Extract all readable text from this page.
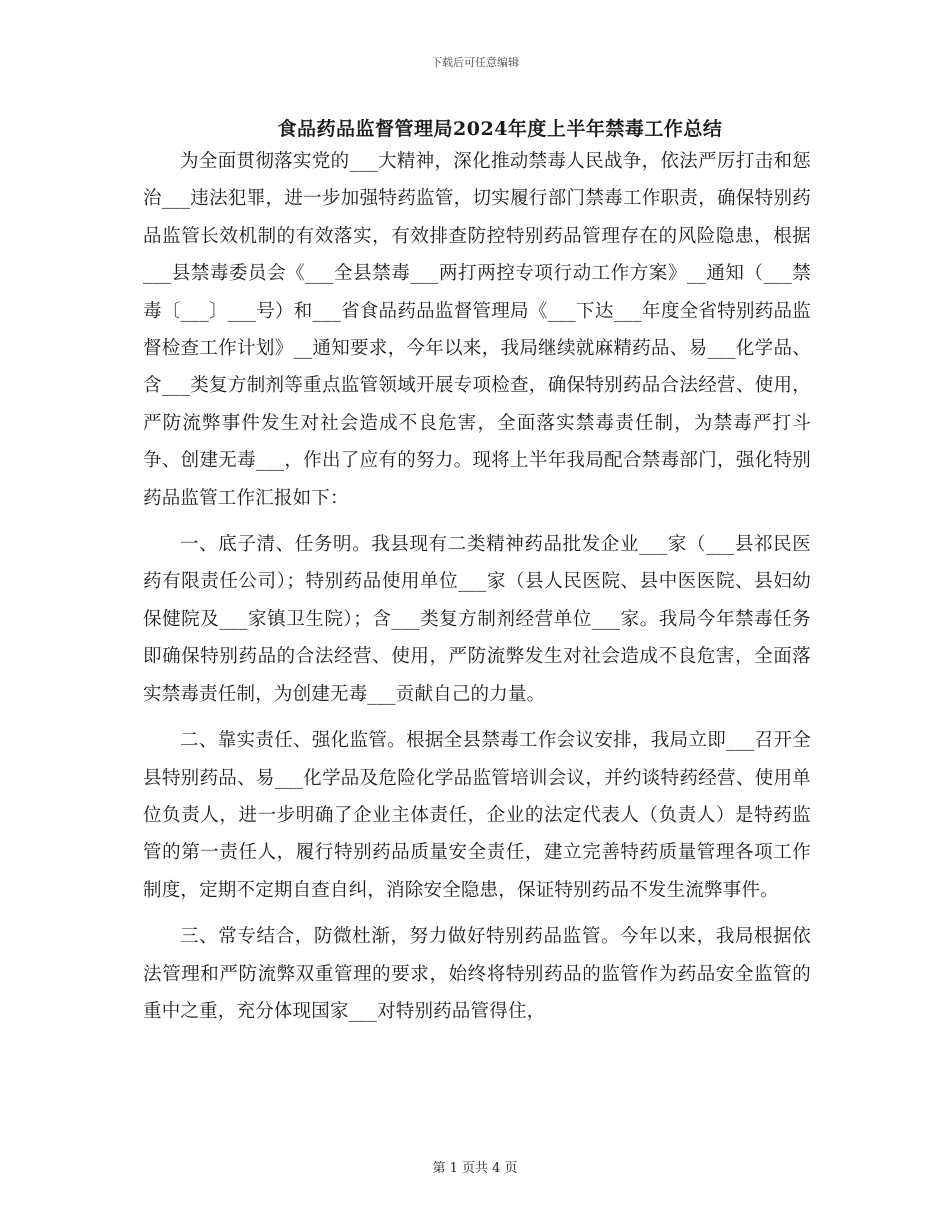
下载后可任意编辑
食品药品监督管理局2024年度上半年禁毒工作总结

为全面贯彻落实党的___大精神，深化推动禁毒人民战争，依法严厉打击和惩治___违法犯罪，进一步加强特药监管，切实履行部门禁毒工作职责，确保特别药品监管长效机制的有效落实，有效排查防控特别药品管理存在的风险隐患，根据___县禁毒委员会《___全县禁毒___两打两控专项行动工作方案》__通知（___禁毒〔___〕___号）和___省食品药品监督管理局《___下达___年度全省特别药品监督检查工作计划》__通知要求，今年以来，我局继续就麻精药品、易___化学品、含___类复方制剂等重点监管领域开展专项检查，确保特别药品合法经营、使用，严防流弊事件发生对社会造成不良危害，全面落实禁毒责任制，为禁毒严打斗争、创建无毒___，作出了应有的努力。现将上半年我局配合禁毒部门，强化特别药品监管工作汇报如下：

一、底子清、任务明。我县现有二类精神药品批发企业___家（___县祁民医药有限责任公司）；特别药品使用单位___家（县人民医院、县中医医院、县妇幼保健院及___家镇卫生院）；含___类复方制剂经营单位___家。我局今年禁毒任务即确保特别药品的合法经营、使用，严防流弊发生对社会造成不良危害，全面落实禁毒责任制，为创建无毒___贡献自己的力量。

二、靠实责任、强化监管。根据全县禁毒工作会议安排，我局立即___召开全县特别药品、易___化学品及危险化学品监管培训会议，并约谈特药经营、使用单位负责人，进一步明确了企业主体责任，企业的法定代表人（负责人）是特药监管的第一责任人，履行特别药品质量安全责任，建立完善特药质量管理各项工作制度，定期不定期自查自纠，消除安全隐患，保证特别药品不发生流弊事件。

三、常专结合，防微杜渐，努力做好特别药品监管。今年以来，我局根据依法管理和严防流弊双重管理的要求，始终将特别药品的监管作为药品安全监管的重中之重，充分体现国家___对特别药品管得住，

第 1 页共 4 页
